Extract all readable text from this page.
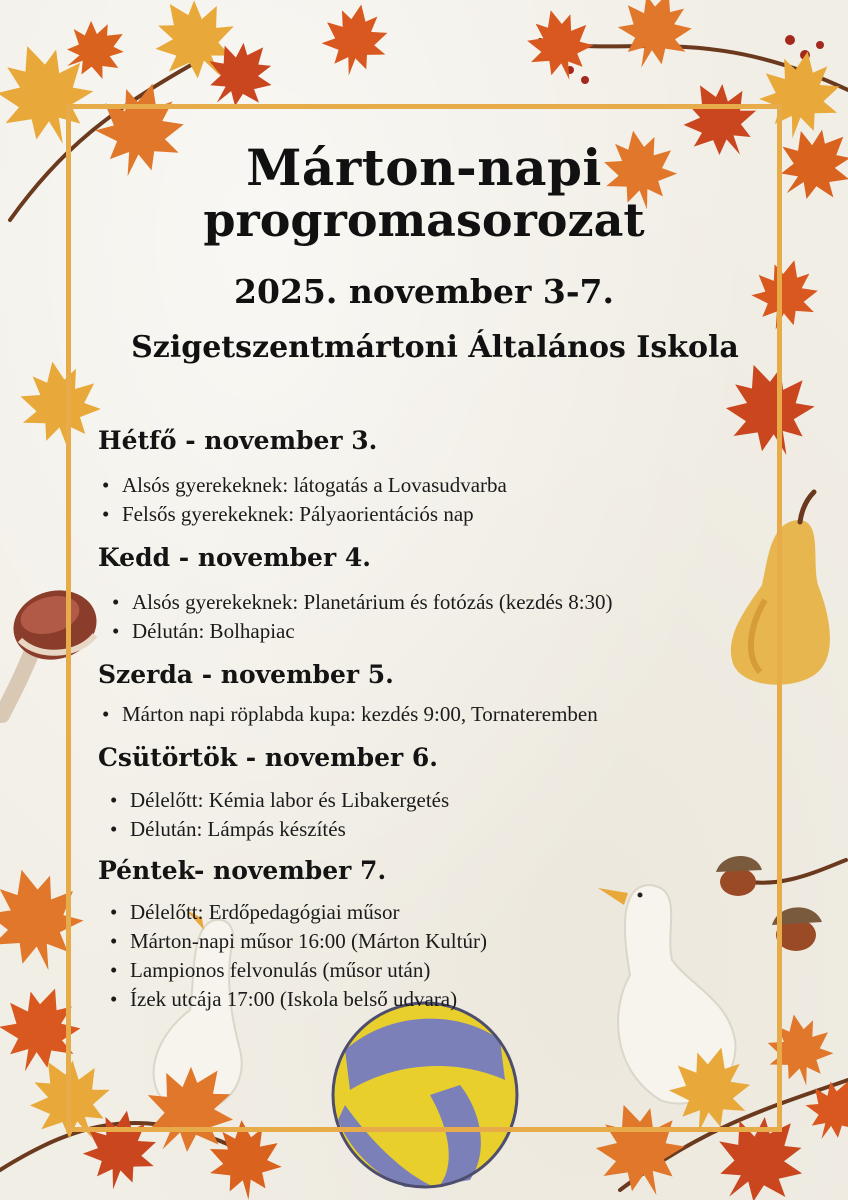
Márton-napi
progromasorozat
2025. november 3-7.
Szigetszentmártoni Általános Iskola
Hétfő - november 3.
• Alsós gyerekeknek: látogatás a Lovasudvarba
• Felsős gyerekeknek: Pályaorientációs nap
Kedd - november 4.
• Alsós gyerekeknek: Planetárium és fotózás (kezdés 8:30)
• Délután: Bolhapiac
Szerda - november 5.
• Márton napi röplabda kupa: kezdés 9:00, Tornateremben
Csütörtök - november 6.
• Délelőtt: Kémia labor és Libakergetés
• Délután: Lámpás készítés
Péntek- november 7.
• Délelőtt: Erdőpedagógiai műsor
• Márton-napi műsor 16:00 (Márton Kultúr)
• Lampionos felvonulás (műsor után)
• Ízek utcája 17:00 (Iskola belső udvara)
